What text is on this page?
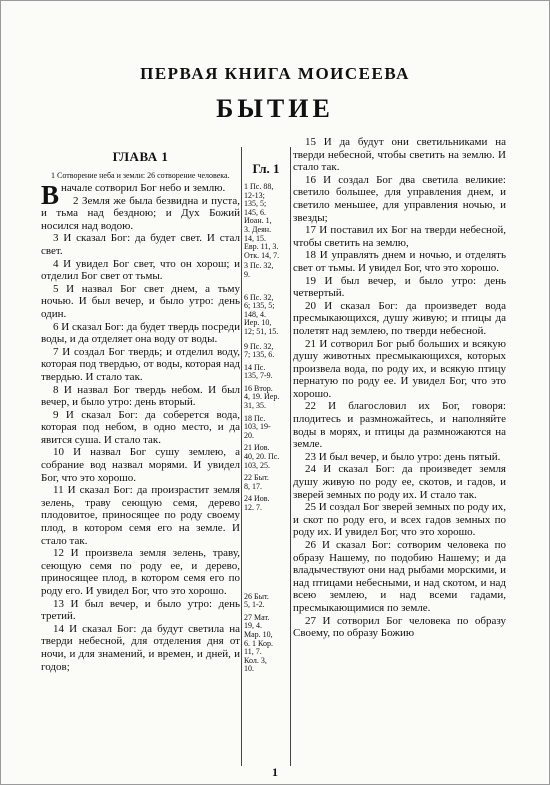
ПЕРВАЯ КНИГА МОИСЕЕВА
БЫТИЕ
ГЛАВА 1
1 Сотворение неба и земли: 26 сотворение человека.

Вначале сотворил Бог небо и землю.

2 Земля же была безвидна и пуста, и тьма над бездною; и Дух Божий носился над водою.

3 И сказал Бог: да будет свет. И стал свет.

4 И увидел Бог свет, что он хорош; и отделил Бог свет от тьмы.

5 И назвал Бог свет днем, а тьму ночью. И был вечер, и было утро: день один.

6 И сказал Бог: да будет твердь посреди воды, и да отделяет она воду от воды.

7 И создал Бог твердь; и отделил воду, которая под твердью, от воды, которая над твердью. И стало так.

8 И назвал Бог твердь небом. И был вечер, и было утро: день вторый.

9 И сказал Бог: да соберется вода, которая под небом, в одно место, и да явится суша. И стало так.

10 И назвал Бог сушу землею, а собрание вод назвал морями. И увидел Бог, что это хорошо.

11 И сказал Бог: да произрастит земля зелень, траву сеющую семя, дерево плодовитое, приносящее по роду своему плод, в котором семя его на земле. И стало так.

12 И произвела земля зелень, траву, сеющую семя по роду ее, и дерево, приносящее плод, в котором семя его по роду его. И увидел Бог, что это хорошо.

13 И был вечер, и было утро: день третий.

14 И сказал Бог: да будут светила на тверди небесной, для отделения дня от ночи, и для знамений, и времен, и дней, и годов;

Гл. 1
1 Пс. 88,
12-13;
135, 5;
145, 6.
Иоан. 1,
3. Деян.
14, 15.
Евр. 11, 3.
Отк. 14, 7.
3 Пс. 32,
9.
6 Пс. 32,
6; 135, 5;
148, 4.
Иер. 10,
12; 51, 15.
9 Пс. 32,
7; 135, 6.
14 Пс.
135, 7-9.
16 Втор.
4, 19. Иер.
31, 35.
18 Пс.
103, 19-
20.
21 Иов.
40, 20. Пс.
103, 25.
22 Быт.
8, 17.
24 Иов.
12. 7.
26 Быт.
5, 1-2.
27 Мат.
19, 4.
Мар. 10,
6. 1 Кор.
11, 7.
Кол. 3,
10.

15 И да будут они светильниками на тверди небесной, чтобы светить на землю. И стало так.

16 И создал Бог два светила великие: светило большее, для управления днем, и светило меньшее, для управления ночью, и звезды;

17 И поставил их Бог на тверди небесной, чтобы светить на землю,

18 И управлять днем и ночью, и отделять свет от тьмы. И увидел Бог, что это хорошо.

19 И был вечер, и было утро: день четвертый.

20 И сказал Бог: да произведет вода пресмыкающихся, душу живую; и птицы да полетят над землею, по тверди небесной.

21 И сотворил Бог рыб больших и всякую душу животных пресмыкающихся, которых произвела вода, по роду их, и всякую птицу пернатую по роду ее. И увидел Бог, что это хорошо.

22 И благословил их Бог, говоря: плодитесь и размножайтесь, и наполняйте воды в морях, и птицы да размножаются на земле.

23 И был вечер, и было утро: день пятый.

24 И сказал Бог: да произведет земля душу живую по роду ее, скотов, и гадов, и зверей земных по роду их. И стало так.

25 И создал Бог зверей земных по роду их, и скот по роду его, и всех гадов земных по роду их. И увидел Бог, что это хорошо.

26 И сказал Бог: сотворим человека по образу Нашему, по подобию Нашему; и да владычествуют они над рыбами морскими, и над птицами небесными, и над скотом, и над всею землею, и над всеми гадами, пресмыкающимися по земле.

27 И сотворил Бог человека по образу Своему, по образу Божию

1
